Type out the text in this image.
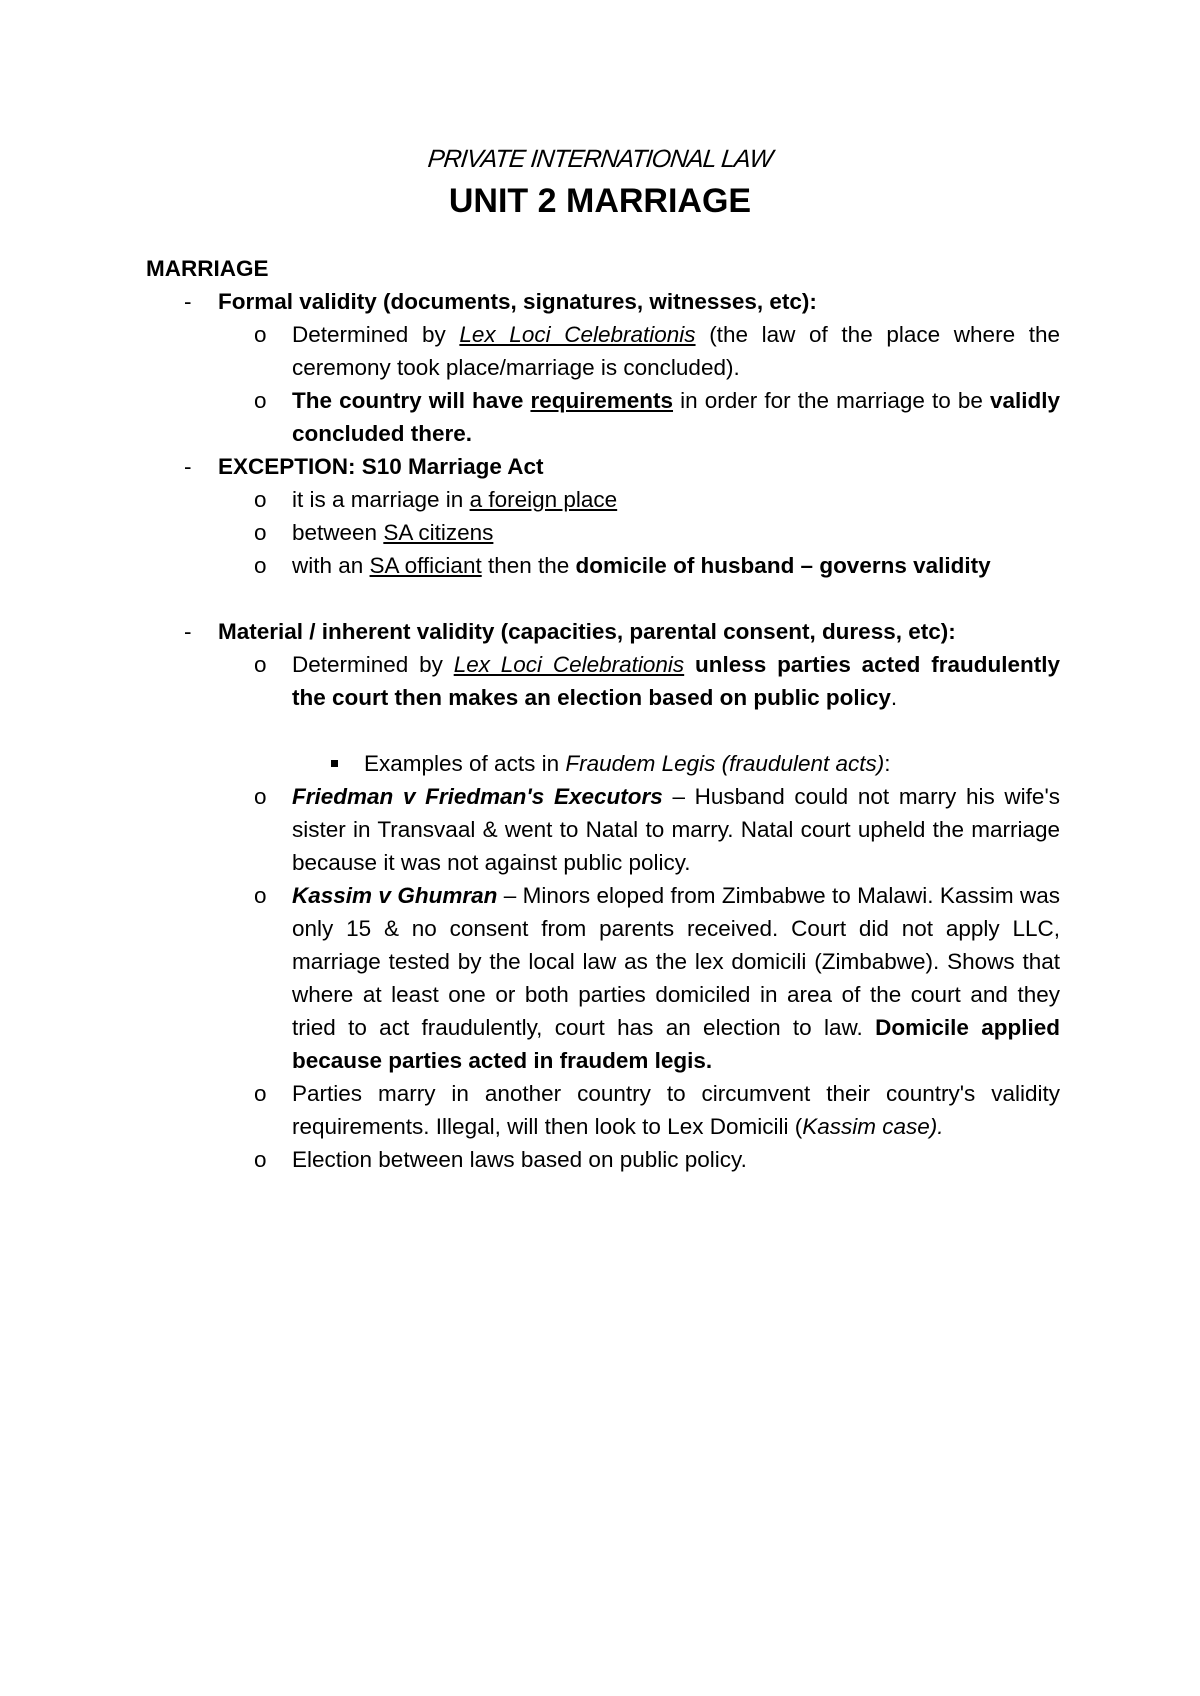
PRIVATE INTERNATIONAL LAW
UNIT 2 MARRIAGE
MARRIAGE
- Formal validity (documents, signatures, witnesses, etc):
o Determined by Lex Loci Celebrationis (the law of the place where the ceremony took place/marriage is concluded).
o The country will have requirements in order for the marriage to be validly concluded there.
- EXCEPTION: S10 Marriage Act
o it is a marriage in a foreign place
o between SA citizens
o with an SA officiant then the domicile of husband – governs validity
- Material / inherent validity (capacities, parental consent, duress, etc):
o Determined by Lex Loci Celebrationis unless parties acted fraudulently the court then makes an election based on public policy.
Examples of acts in Fraudem Legis (fraudulent acts):
o Friedman v Friedman's Executors – Husband could not marry his wife's sister in Transvaal & went to Natal to marry. Natal court upheld the marriage because it was not against public policy.
o Kassim v Ghumran – Minors eloped from Zimbabwe to Malawi. Kassim was only 15 & no consent from parents received. Court did not apply LLC, marriage tested by the local law as the lex domicili (Zimbabwe). Shows that where at least one or both parties domiciled in area of the court and they tried to act fraudulently, court has an election to law. Domicile applied because parties acted in fraudem legis.
o Parties marry in another country to circumvent their country's validity requirements. Illegal, will then look to Lex Domicili (Kassim case).
o Election between laws based on public policy.
